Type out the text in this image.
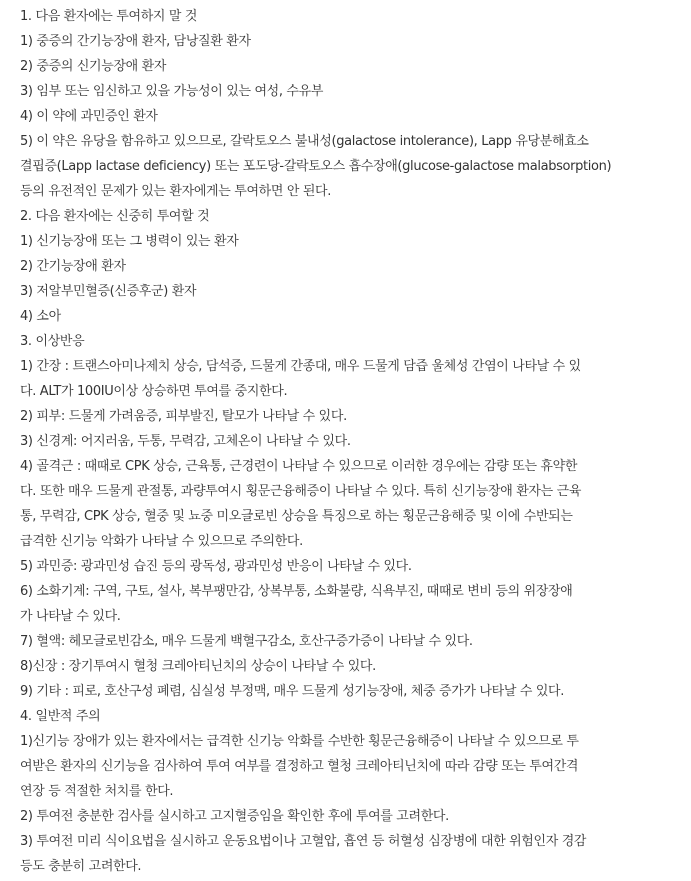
1. 다음 환자에는 투여하지 말 것
1) 중증의 간기능장애 환자, 담낭질환 환자
2) 중증의 신기능장애 환자
3) 임부 또는 임신하고 있을 가능성이 있는 여성, 수유부
4) 이 약에 과민증인 환자
5) 이 약은 유당을 함유하고 있으므로, 갈락토오스 불내성(galactose intolerance), Lapp 유당분해효소
결핍증(Lapp lactase deficiency) 또는 포도당-갈락토오스 흡수장애(glucose-galactose malabsorption)
등의 유전적인 문제가 있는 환자에게는 투여하면 안 된다.
2. 다음 환자에는 신중히 투여할 것
1) 신기능장애 또는 그 병력이 있는 환자
2) 간기능장애 환자
3) 저알부민혈증(신증후군) 환자
4) 소아
3. 이상반응
1) 간장 : 트랜스아미나제치 상승, 담석증, 드물게 간종대, 매우 드물게 담즙 울체성 간염이 나타날 수 있
다. ALT가 100IU이상 상승하면 투여를 중지한다.
2) 피부: 드물게 가려움증, 피부발진, 탈모가 나타날 수 있다.
3) 신경계: 어지러움, 두통, 무력감, 고체온이 나타날 수 있다.
4) 골격근 : 때때로 CPK 상승, 근육통, 근경련이 나타날 수 있으므로 이러한 경우에는 감량 또는 휴약한
다. 또한 매우 드물게 관절통, 과량투여시 횡문근융해증이 나타날 수 있다. 특히 신기능장애 환자는 근육
통, 무력감, CPK 상승, 혈중 및 뇨중 미오글로빈 상승을 특징으로 하는 횡문근융해증 및 이에 수반되는
급격한 신기능 악화가 나타날 수 있으므로 주의한다.
5) 과민증: 광과민성 습진 등의 광독성, 광과민성 반응이 나타날 수 있다.
6) 소화기계: 구역, 구토, 설사, 복부팽만감, 상복부통, 소화불량, 식욕부진, 때때로 변비 등의 위장장애
가 나타날 수 있다.
7) 혈액: 헤모글로빈감소, 매우 드물게 백혈구감소, 호산구증가증이 나타날 수 있다.
8)신장 : 장기투여시 혈청 크레아티닌치의 상승이 나타날 수 있다.
9) 기타 : 피로, 호산구성 폐렴, 심실성 부정맥, 매우 드물게 성기능장애, 체중 증가가 나타날 수 있다.
4. 일반적 주의
1)신기능 장애가 있는 환자에서는 급격한 신기능 악화를 수반한 횡문근융해증이 나타날 수 있으므로 투
여받은 환자의 신기능을 검사하여 투여 여부를 결정하고 혈청 크레아티닌치에 따라 감량 또는 투여간격
연장 등 적절한 처치를 한다.
2) 투여전 충분한 검사를 실시하고 고지혈증임을 확인한 후에 투여를 고려한다.
3) 투여전 미리 식이요법을 실시하고 운동요법이나 고혈압, 흡연 등 허혈성 심장병에 대한 위험인자 경감
등도 충분히 고려한다.
